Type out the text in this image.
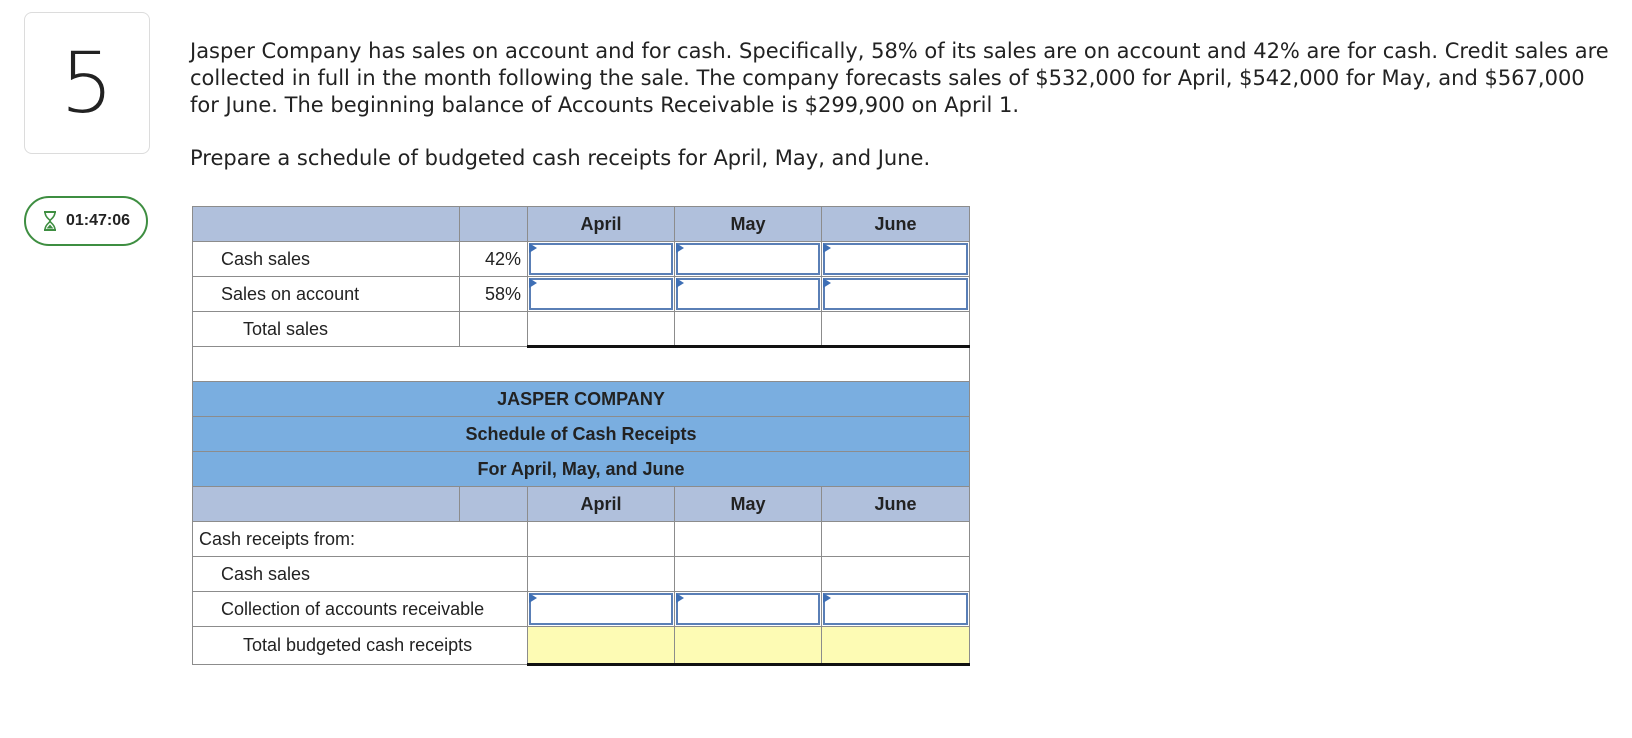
5
01:47:06

Jasper Company has sales on account and for cash. Specifically, 58% of its sales are on account and 42% are for cash. Credit sales are collected in full in the month following the sale. The company forecasts sales of $532,000 for April, $542,000 for May, and $567,000 for June. The beginning balance of Accounts Receivable is $299,900 on April 1.

Prepare a schedule of budgeted cash receipts for April, May, and June.

		April	May	June
Cash sales	42%	

Sales on account	58%	

Total sales				

JASPER COMPANY				
Schedule of Cash Receipts				
For April, May, and June				
		April	May	June
Cash receipts from:				
Cash sales				
Collection of accounts receivable		

Total budgeted cash receipts				
